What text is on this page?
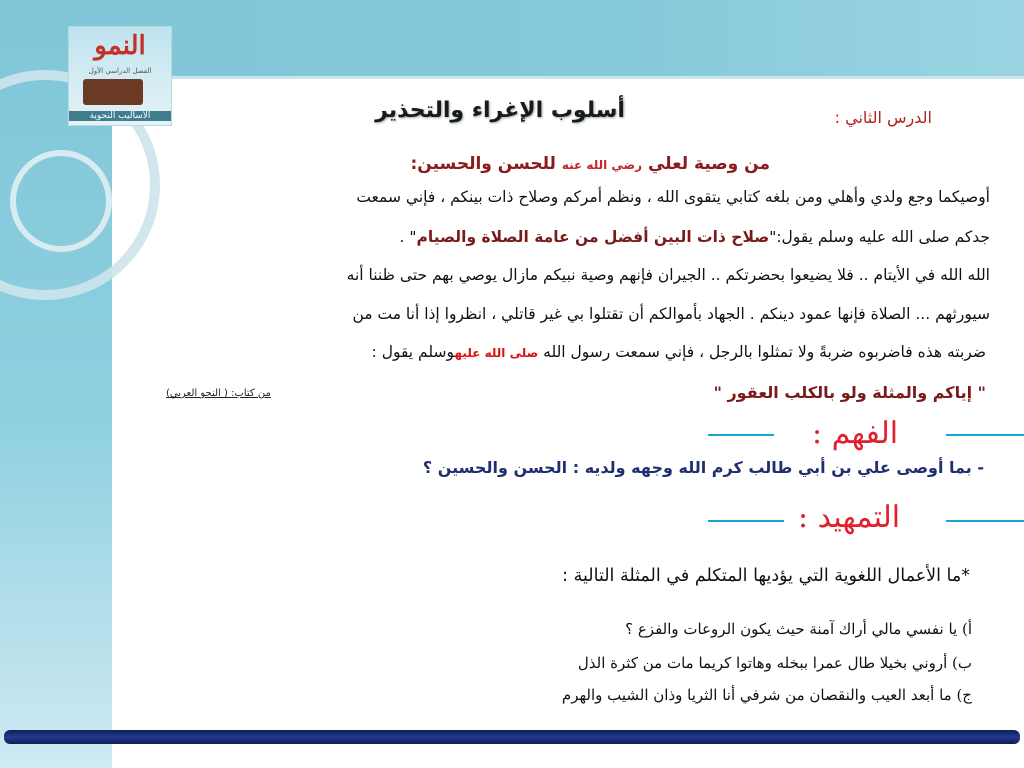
النمو
الفصل الدراسي الأول
الأساليب النحوية	أسلوب الإغراء والتحذير	الدرس الثاني :
من وصية لعلي رضي الله عنه للحسن والحسين:
أوصيكما وجع ولدي وأهلي ومن بلغه كتابي يتقوى الله ، ونظم أمركم وصلاح ذات بينكم ، فإني سمعت
جدكم صلى الله عليه وسلم يقول:"صلاح ذات البين أفضل من عامة الصلاة والصيام" .
الله الله في الأيتام .. فلا يضيعوا بحضرتكم .. الجيران فإنهم وصية نبيكم مازال يوصي بهم حتى ظننا أنه
سيورثهم ... الصلاة فإنها عمود دينكم . الجهاد بأموالكم أن تقتلوا بي غير قاتلي ، انظروا إذا أنا مت من
ضربته هذه فاضربوه ضربةً ولا تمثلوا بالرجل ، فإني سمعت رسول الله صلى الله عليهوسلم يقول :
من كتاب: ( النحو العربي)	" إياكم والمثلة ولو بالكلب العقور "
الفهم :
- بما أوصى علي بن أبي طالب كرم الله وجهه ولديه : الحسن والحسين ؟
التمهيد :
*ما الأعمال اللغوية التي يؤديها المتكلم في المثلة التالية :
أ) يا نفسي مالي أراك آمنة حيث يكون الروعات والفزع ؟
ب) أروني بخيلا طال عمرا ببخله وهاتوا كريما مات من كثرة الذل
ج) ما أبعد العيب والنقصان من شرفي أنا الثريا وذان الشيب والهرم
